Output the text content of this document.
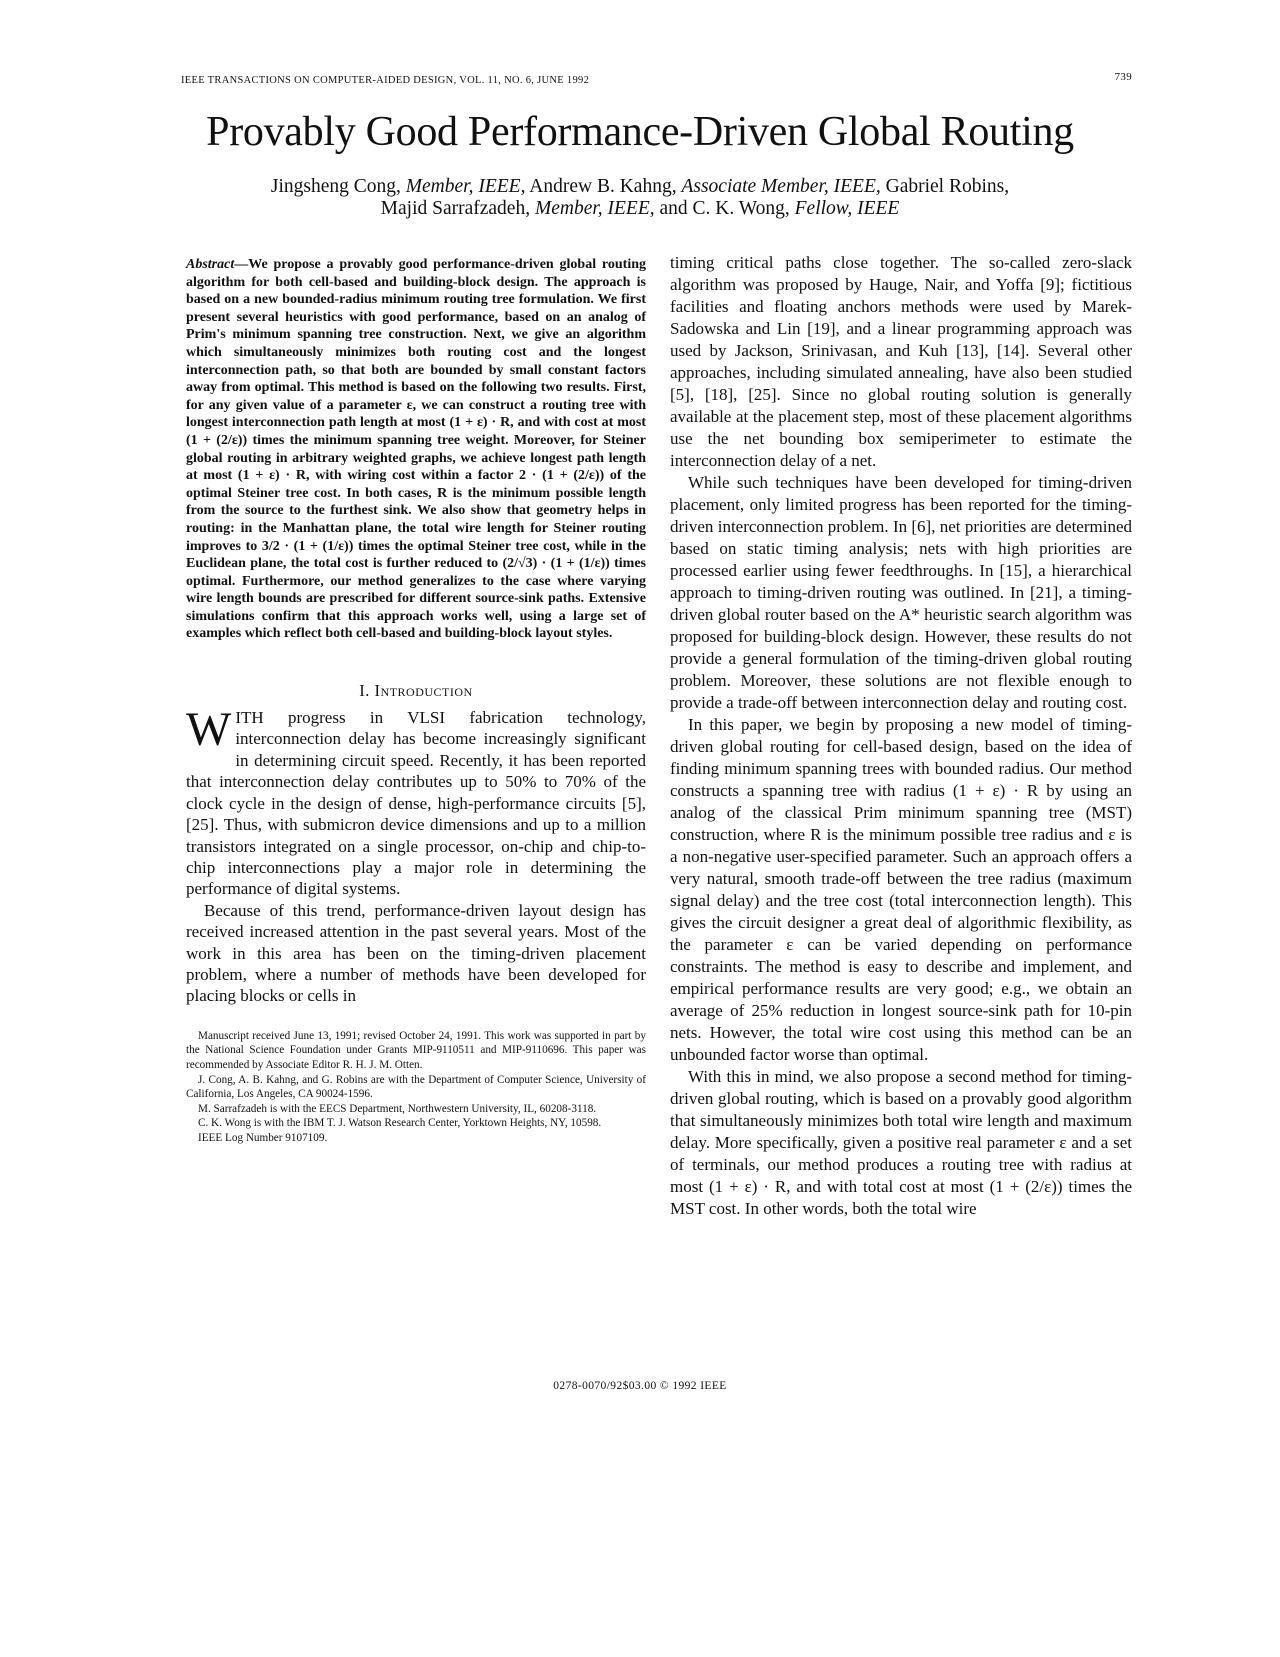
IEEE TRANSACTIONS ON COMPUTER-AIDED DESIGN, VOL. 11, NO. 6, JUNE 1992	739
Provably Good Performance-Driven Global Routing
Jingsheng Cong, Member, IEEE, Andrew B. Kahng, Associate Member, IEEE, Gabriel Robins,
Majid Sarrafzadeh, Member, IEEE, and C. K. Wong, Fellow, IEEE

Abstract—We propose a provably good performance-driven global routing algorithm for both cell-based and building-block design. The approach is based on a new bounded-radius minimum routing tree formulation. We first present several heuristics with good performance, based on an analog of Prim's minimum spanning tree construction. Next, we give an algorithm which simultaneously minimizes both routing cost and the longest interconnection path, so that both are bounded by small constant factors away from optimal. This method is based on the following two results. First, for any given value of a parameter ε, we can construct a routing tree with longest interconnection path length at most (1 + ε) · R, and with cost at most (1 + (2/ε)) times the minimum spanning tree weight. Moreover, for Steiner global routing in arbitrary weighted graphs, we achieve longest path length at most (1 + ε) · R, with wiring cost within a factor 2 · (1 + (2/ε)) of the optimal Steiner tree cost. In both cases, R is the minimum possible length from the source to the furthest sink. We also show that geometry helps in routing: in the Manhattan plane, the total wire length for Steiner routing improves to 3/2 · (1 + (1/ε)) times the optimal Steiner tree cost, while in the Euclidean plane, the total cost is further reduced to (2/√3) · (1 + (1/ε)) times optimal. Furthermore, our method generalizes to the case where varying wire length bounds are prescribed for different source-sink paths. Extensive simulations confirm that this approach works well, using a large set of examples which reflect both cell-based and building-block layout styles.

I. Introduction

WITH progress in VLSI fabrication technology, interconnection delay has become increasingly significant in determining circuit speed. Recently, it has been reported that interconnection delay contributes up to 50% to 70% of the clock cycle in the design of dense, high-performance circuits [5], [25]. Thus, with submicron device dimensions and up to a million transistors integrated on a single processor, on-chip and chip-to-chip interconnections play a major role in determining the performance of digital systems.

Because of this trend, performance-driven layout design has received increased attention in the past several years. Most of the work in this area has been on the timing-driven placement problem, where a number of methods have been developed for placing blocks or cells in

Manuscript received June 13, 1991; revised October 24, 1991. This work was supported in part by the National Science Foundation under Grants MIP-9110511 and MIP-9110696. This paper was recommended by Associate Editor R. H. J. M. Otten.

J. Cong, A. B. Kahng, and G. Robins are with the Department of Computer Science, University of California, Los Angeles, CA 90024-1596.

M. Sarrafzadeh is with the EECS Department, Northwestern University, IL, 60208-3118.

C. K. Wong is with the IBM T. J. Watson Research Center, Yorktown Heights, NY, 10598.

IEEE Log Number 9107109.

timing critical paths close together. The so-called zero-slack algorithm was proposed by Hauge, Nair, and Yoffa [9]; fictitious facilities and floating anchors methods were used by Marek-Sadowska and Lin [19], and a linear programming approach was used by Jackson, Srinivasan, and Kuh [13], [14]. Several other approaches, including simulated annealing, have also been studied [5], [18], [25]. Since no global routing solution is generally available at the placement step, most of these placement algorithms use the net bounding box semiperimeter to estimate the interconnection delay of a net.

While such techniques have been developed for timing-driven placement, only limited progress has been reported for the timing-driven interconnection problem. In [6], net priorities are determined based on static timing analysis; nets with high priorities are processed earlier using fewer feedthroughs. In [15], a hierarchical approach to timing-driven routing was outlined. In [21], a timing-driven global router based on the A* heuristic search algorithm was proposed for building-block design. However, these results do not provide a general formulation of the timing-driven global routing problem. Moreover, these solutions are not flexible enough to provide a trade-off between interconnection delay and routing cost.

In this paper, we begin by proposing a new model of timing-driven global routing for cell-based design, based on the idea of finding minimum spanning trees with bounded radius. Our method constructs a spanning tree with radius (1 + ε) · R by using an analog of the classical Prim minimum spanning tree (MST) construction, where R is the minimum possible tree radius and ε is a non-negative user-specified parameter. Such an approach offers a very natural, smooth trade-off between the tree radius (maximum signal delay) and the tree cost (total interconnection length). This gives the circuit designer a great deal of algorithmic flexibility, as the parameter ε can be varied depending on performance constraints. The method is easy to describe and implement, and empirical performance results are very good; e.g., we obtain an average of 25% reduction in longest source-sink path for 10-pin nets. However, the total wire cost using this method can be an unbounded factor worse than optimal.

With this in mind, we also propose a second method for timing-driven global routing, which is based on a provably good algorithm that simultaneously minimizes both total wire length and maximum delay. More specifically, given a positive real parameter ε and a set of terminals, our method produces a routing tree with radius at most (1 + ε) · R, and with total cost at most (1 + (2/ε)) times the MST cost. In other words, both the total wire

0278-0070/92$03.00 © 1992 IEEE
